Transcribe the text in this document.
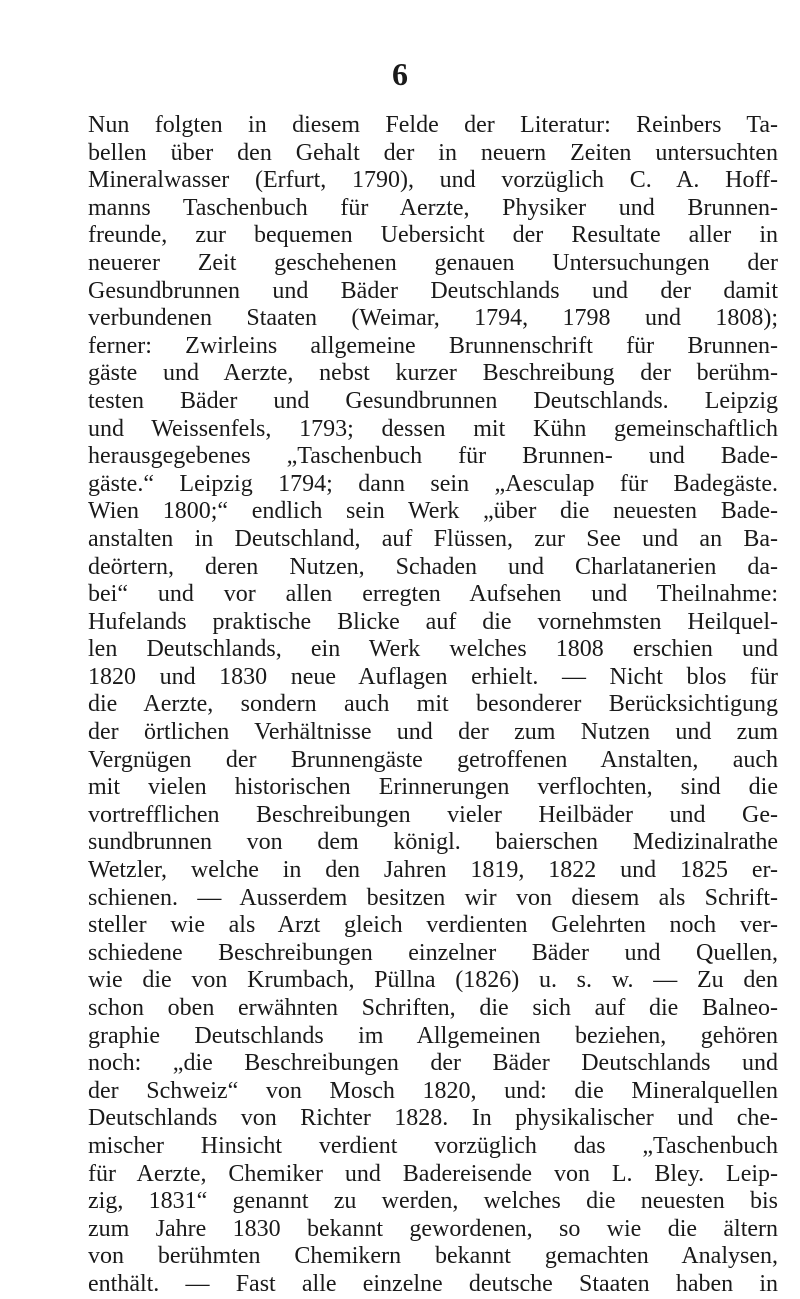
6
Nun folgten in diesem Felde der Literatur: Reinbers Ta-
bellen über den Gehalt der in neuern Zeiten untersuchten
Mineralwasser (Erfurt, 1790), und vorzüglich C. A. Hoff-
manns Taschenbuch für Aerzte, Physiker und Brunnen-
freunde, zur bequemen Uebersicht der Resultate aller in
neuerer Zeit geschehenen genauen Untersuchungen der
Gesundbrunnen und Bäder Deutschlands und der damit
verbundenen Staaten (Weimar, 1794, 1798 und 1808);
ferner: Zwirleins allgemeine Brunnenschrift für Brunnen-
gäste und Aerzte, nebst kurzer Beschreibung der berühm-
testen Bäder und Gesundbrunnen Deutschlands. Leipzig
und Weissenfels, 1793; dessen mit Kühn gemeinschaftlich
herausgegebenes „Taschenbuch für Brunnen- und Bade-
gäste.“ Leipzig 1794; dann sein „Aesculap für Badegäste.
Wien 1800;“ endlich sein Werk „über die neuesten Bade-
anstalten in Deutschland, auf Flüssen, zur See und an Ba-
deörtern, deren Nutzen, Schaden und Charlatanerien da-
bei“ und vor allen erregten Aufsehen und Theilnahme:
Hufelands praktische Blicke auf die vornehmsten Heilquel-
len Deutschlands, ein Werk welches 1808 erschien und
1820 und 1830 neue Auflagen erhielt. — Nicht blos für
die Aerzte, sondern auch mit besonderer Berücksichtigung
der örtlichen Verhältnisse und der zum Nutzen und zum
Vergnügen der Brunnengäste getroffenen Anstalten, auch
mit vielen historischen Erinnerungen verflochten, sind die
vortrefflichen Beschreibungen vieler Heilbäder und Ge-
sundbrunnen von dem königl. baierschen Medizinalrathe
Wetzler, welche in den Jahren 1819, 1822 und 1825 er-
schienen. — Ausserdem besitzen wir von diesem als Schrift-
steller wie als Arzt gleich verdienten Gelehrten noch ver-
schiedene Beschreibungen einzelner Bäder und Quellen,
wie die von Krumbach, Püllna (1826) u. s. w. — Zu den
schon oben erwähnten Schriften, die sich auf die Balneo-
graphie Deutschlands im Allgemeinen beziehen, gehören
noch: „die Beschreibungen der Bäder Deutschlands und
der Schweiz“ von Mosch 1820, und: die Mineralquellen
Deutschlands von Richter 1828. In physikalischer und che-
mischer Hinsicht verdient vorzüglich das „Taschenbuch
für Aerzte, Chemiker und Badereisende von L. Bley. Leip-
zig, 1831“ genannt zu werden, welches die neuesten bis
zum Jahre 1830 bekannt gewordenen, so wie die ältern
von berühmten Chemikern bekannt gemachten Analysen,
enthält. — Fast alle einzelne deutsche Staaten haben in
